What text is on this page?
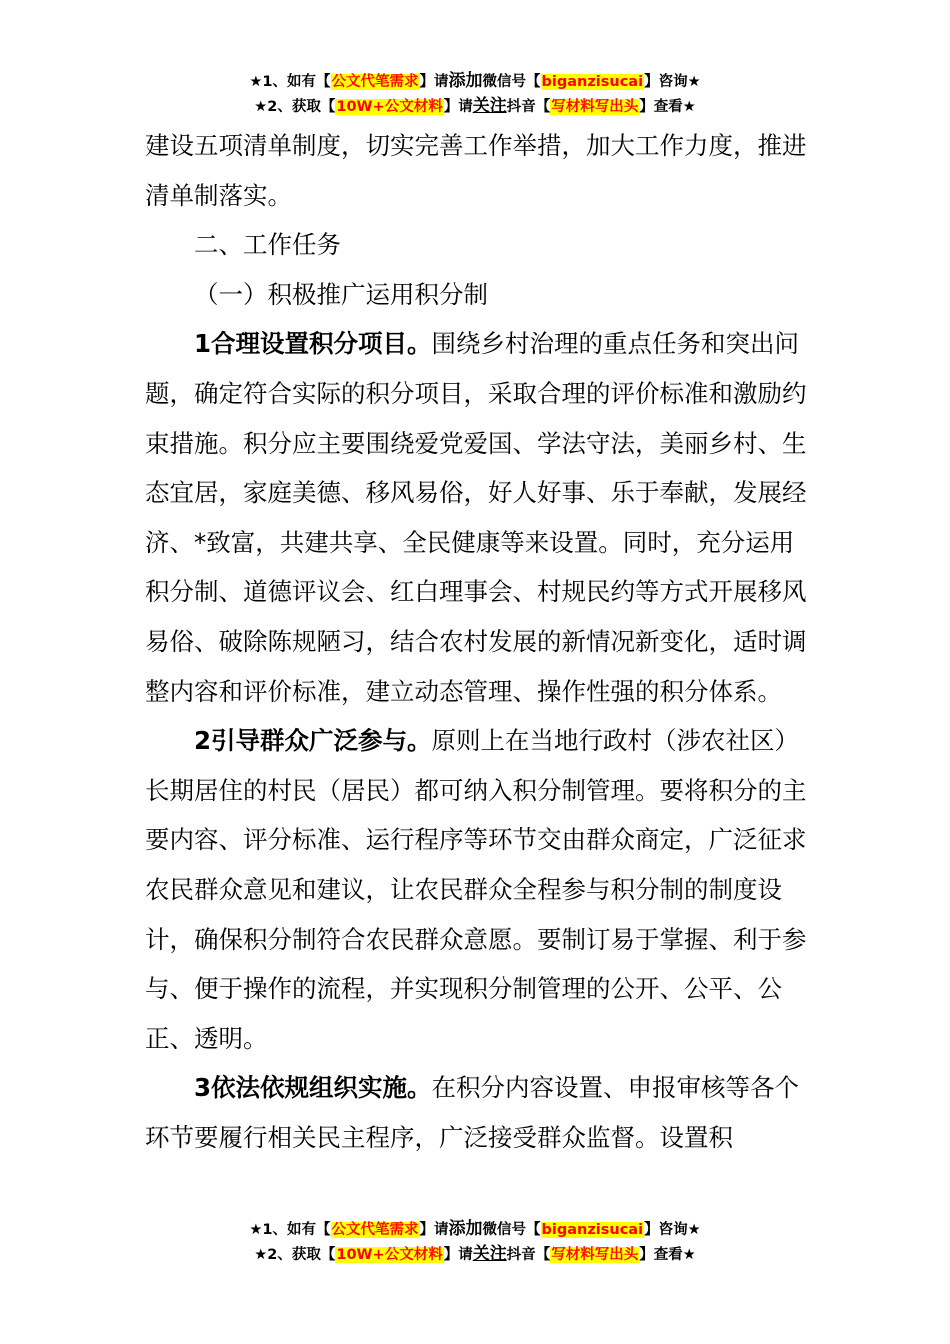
★1、如有【公文代笔需求】请添加微信号【biganzisucai】咨询★
★2、获取【10W+公文材料】请关注抖音【写材料写出头】查看★

建设五项清单制度，切实完善工作举措，加大工作力度，推进清单制落实。

二、工作任务

（一）积极推广运用积分制

1合理设置积分项目。围绕乡村治理的重点任务和突出问题，确定符合实际的积分项目，采取合理的评价标准和激励约束措施。积分应主要围绕爱党爱国、学法守法，美丽乡村、生态宜居，家庭美德、移风易俗，好人好事、乐于奉献，发展经济、*致富，共建共享、全民健康等来设置。同时，充分运用积分制、道德评议会、红白理事会、村规民约等方式开展移风易俗、破除陈规陋习，结合农村发展的新情况新变化，适时调整内容和评价标准，建立动态管理、操作性强的积分体系。

2引导群众广泛参与。原则上在当地行政村（涉农社区）长期居住的村民（居民）都可纳入积分制管理。要将积分的主要内容、评分标准、运行程序等环节交由群众商定，广泛征求农民群众意见和建议，让农民群众全程参与积分制的制度设计，确保积分制符合农民群众意愿。要制订易于掌握、利于参与、便于操作的流程，并实现积分制管理的公开、公平、公正、透明。

3依法依规组织实施。在积分内容设置、申报审核等各个环节要履行相关民主程序，广泛接受群众监督。设置积

★1、如有【公文代笔需求】请添加微信号【biganzisucai】咨询★
★2、获取【10W+公文材料】请关注抖音【写材料写出头】查看★
